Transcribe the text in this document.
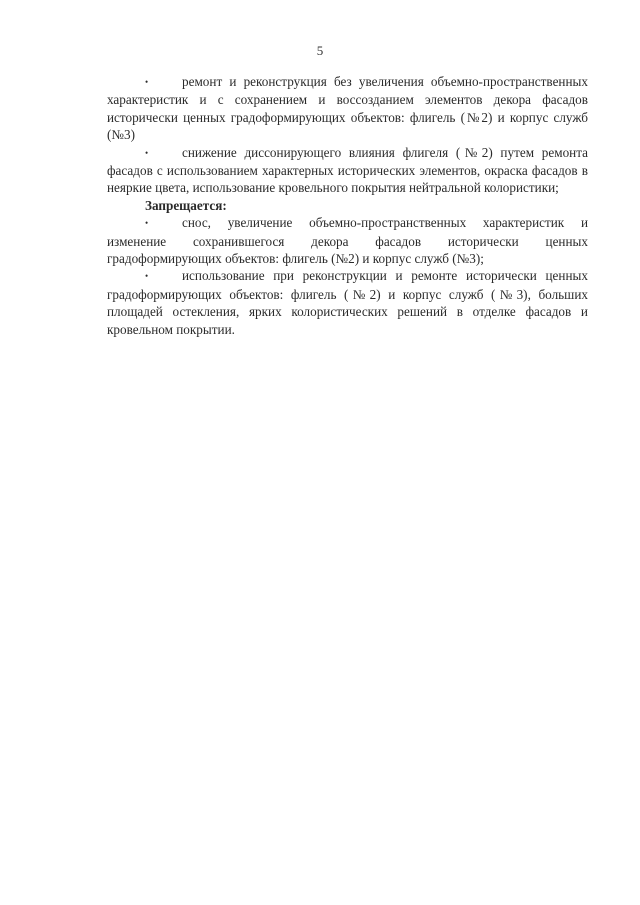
5

•	ремонт и реконструкция без увеличения объемно-пространственных характеристик и с сохранением и воссозданием элементов декора фасадов исторически ценных градоформирующих объектов: флигель (№2) и корпус служб (№3)

•	снижение диссонирующего влияния флигеля (№2) путем ремонта фасадов с использованием характерных исторических элементов, окраска фасадов в неяркие цвета, использование кровельного покрытия нейтральной колористики;

Запрещается:

•	снос, увеличение объемно-пространственных характеристик и изменение сохранившегося декора фасадов исторически ценных градоформирующих объектов: флигель (№2) и корпус служб (№3);

•	использование при реконструкции и ремонте исторически ценных градоформирующих объектов: флигель (№2) и корпус служб (№3), больших площадей остекления, ярких колористических решений в отделке фасадов и кровельном покрытии.
